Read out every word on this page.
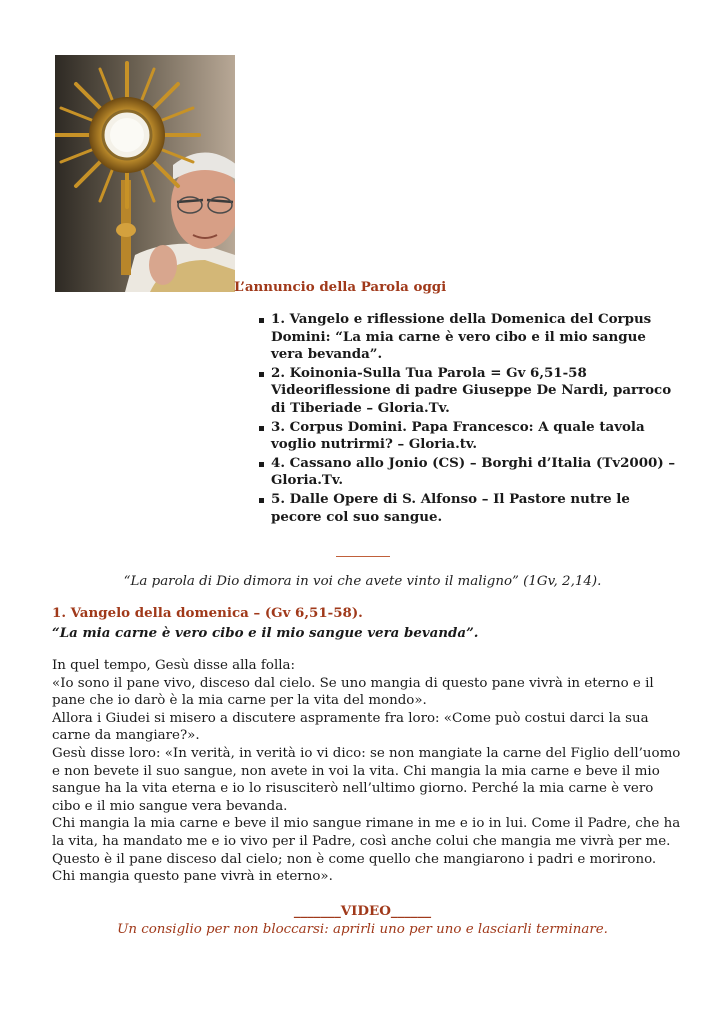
L’annuncio della Parola oggi
1. Vangelo e riflessione della Domenica del Corpus Domini: “La mia carne è vero cibo e il mio sangue vera bevanda”.
2. Koinonia-Sulla Tua Parola = Gv 6,51-58 Videoriflessione di padre Giuseppe De Nardi, parroco di Tiberiade – Gloria.Tv.
3. Corpus Domini. Papa Francesco: A quale tavola voglio nutrirmi? – Gloria.tv.
4. Cassano allo Jonio (CS) – Borghi d’Italia (Tv2000) – Gloria.Tv.
5. Dalle Opere di S. Alfonso – Il Pastore nutre le pecore col suo sangue.
“La parola di Dio dimora in voi che avete vinto il maligno” (1Gv, 2,14).
1. Vangelo della domenica – (Gv 6,51-58).
“La mia carne è vero cibo e il mio sangue vera bevanda”.

In quel tempo, Gesù disse alla folla:

«Io sono il pane vivo, disceso dal cielo. Se uno mangia di questo pane vivrà in eterno e il pane che io darò è la mia carne per la vita del mondo».

Allora i Giudei si misero a discutere aspramente fra loro: «Come può costui darci la sua carne da mangiare?».

Gesù disse loro: «In verità, in verità io vi dico: se non mangiate la carne del Figlio dell’uomo e non bevete il suo sangue, non avete in voi la vita. Chi mangia la mia carne e beve il mio sangue ha la vita eterna e io lo risusciterò nell’ultimo giorno. Perché la mia carne è vero cibo e il mio sangue vera bevanda.

Chi mangia la mia carne e beve il mio sangue rimane in me e io in lui. Come il Padre, che ha la vita, ha mandato me e io vivo per il Padre, così anche colui che mangia me vivrà per me. Questo è il pane disceso dal cielo; non è come quello che mangiarono i padri e morirono. Chi mangia questo pane vivrà in eterno».

_______VIDEO______
Un consiglio per non bloccarsi: aprirli uno per uno e lasciarli terminare.
